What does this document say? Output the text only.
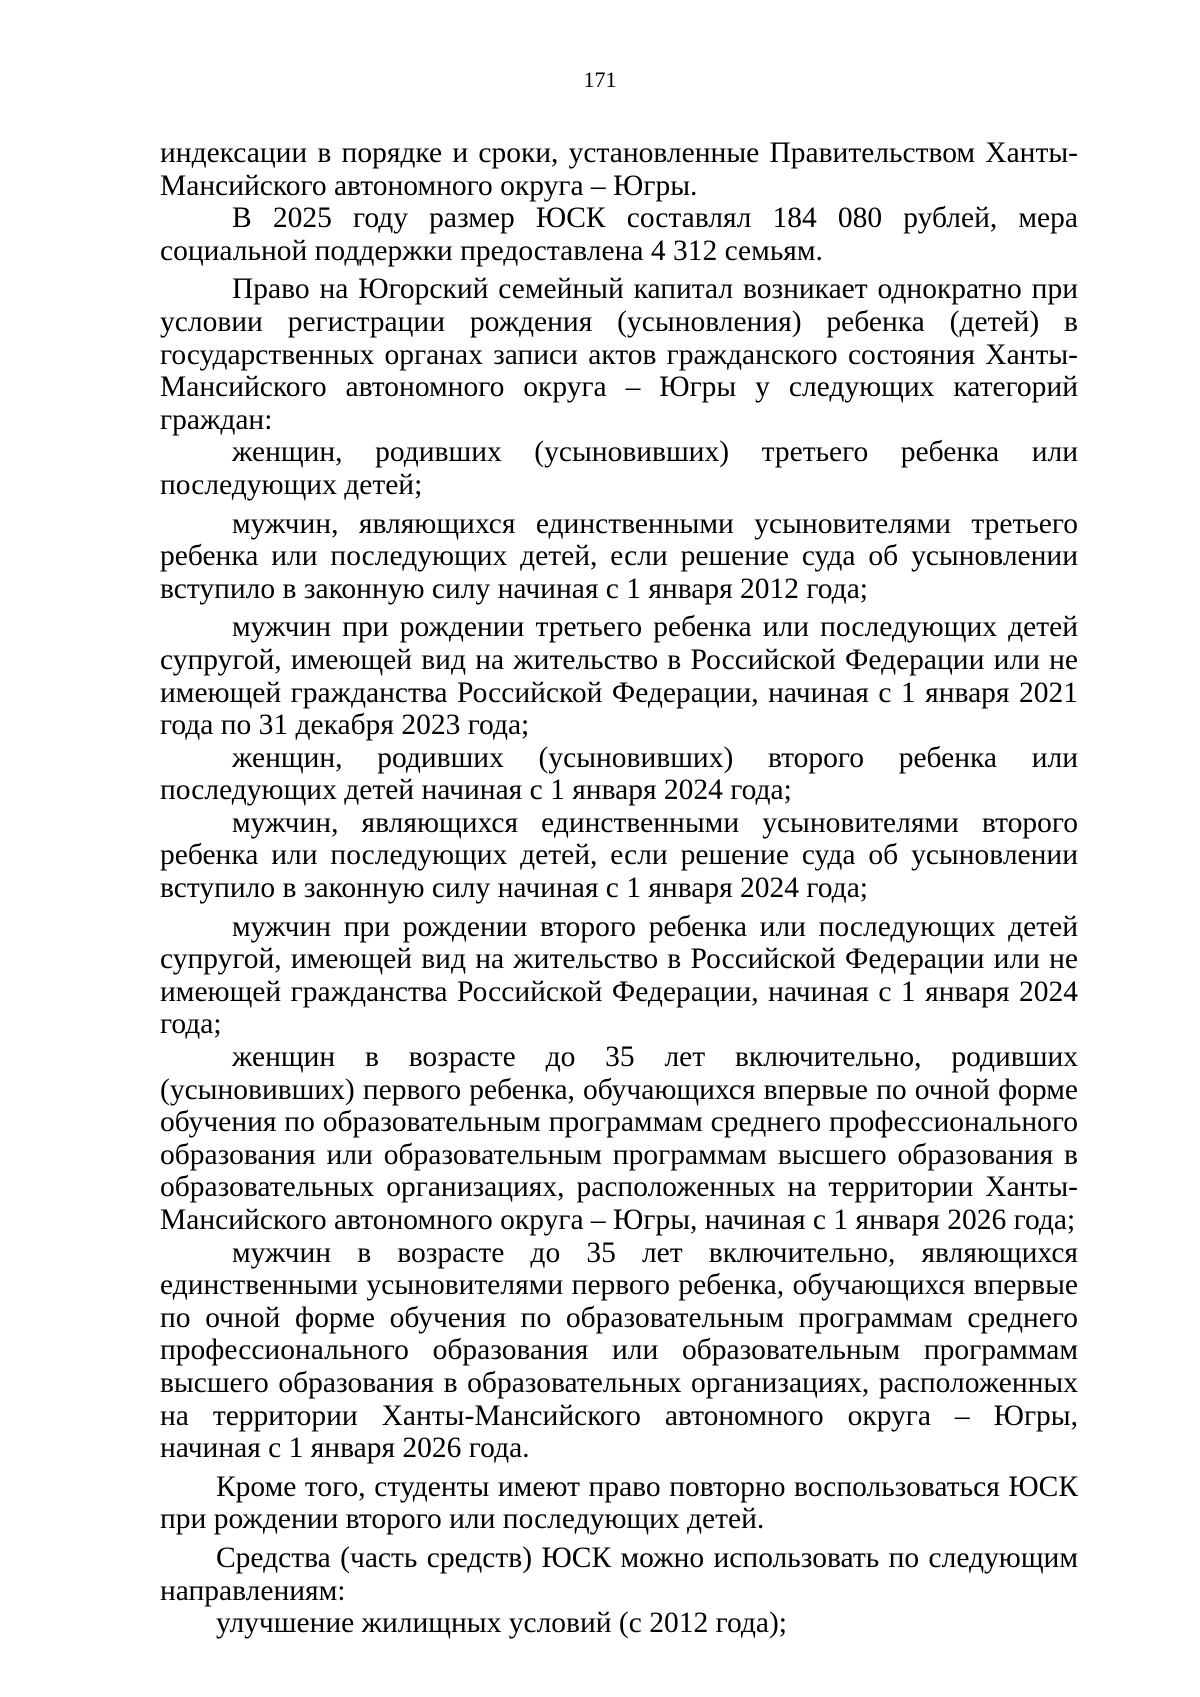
171

индексации в порядке и сроки, установленные Правительством Ханты-Мансийского автономного округа – Югры.

В 2025 году размер ЮСК составлял 184 080 рублей, мера социальной поддержки предоставлена 4 312 семьям.

Право на Югорский семейный капитал возникает однократно при условии регистрации рождения (усыновления) ребенка (детей) в государственных органах записи актов гражданского состояния Ханты-Мансийского автономного округа – Югры у следующих категорий граждан:

женщин, родивших (усыновивших) третьего ребенка или последующих детей;

мужчин, являющихся единственными усыновителями третьего ребенка или последующих детей, если решение суда об усыновлении вступило в законную силу начиная с 1 января 2012 года;

мужчин при рождении третьего ребенка или последующих детей супругой, имеющей вид на жительство в Российской Федерации или не имеющей гражданства Российской Федерации, начиная с 1 января 2021 года по 31 декабря 2023 года;

женщин, родивших (усыновивших) второго ребенка или последующих детей начиная с 1 января 2024 года;

мужчин, являющихся единственными усыновителями второго ребенка или последующих детей, если решение суда об усыновлении вступило в законную силу начиная с 1 января 2024 года;

мужчин при рождении второго ребенка или последующих детей супругой, имеющей вид на жительство в Российской Федерации или не имеющей гражданства Российской Федерации, начиная с 1 января 2024 года;

женщин в возрасте до 35 лет включительно, родивших (усыновивших) первого ребенка, обучающихся впервые по очной форме обучения по образовательным программам среднего профессионального образования или образовательным программам высшего образования в образовательных организациях, расположенных на территории Ханты-Мансийского автономного округа – Югры, начиная с 1 января 2026 года;

мужчин в возрасте до 35 лет включительно, являющихся единственными усыновителями первого ребенка, обучающихся впервые по очной форме обучения по образовательным программам среднего профессионального образования или образовательным программам высшего образования в образовательных организациях, расположенных на территории Ханты-Мансийского автономного округа – Югры, начиная с 1 января 2026 года.

Кроме того, студенты имеют право повторно воспользоваться ЮСК при рождении второго или последующих детей.

Средства (часть средств) ЮСК можно использовать по следующим направлениям:

улучшение жилищных условий (с 2012 года);
